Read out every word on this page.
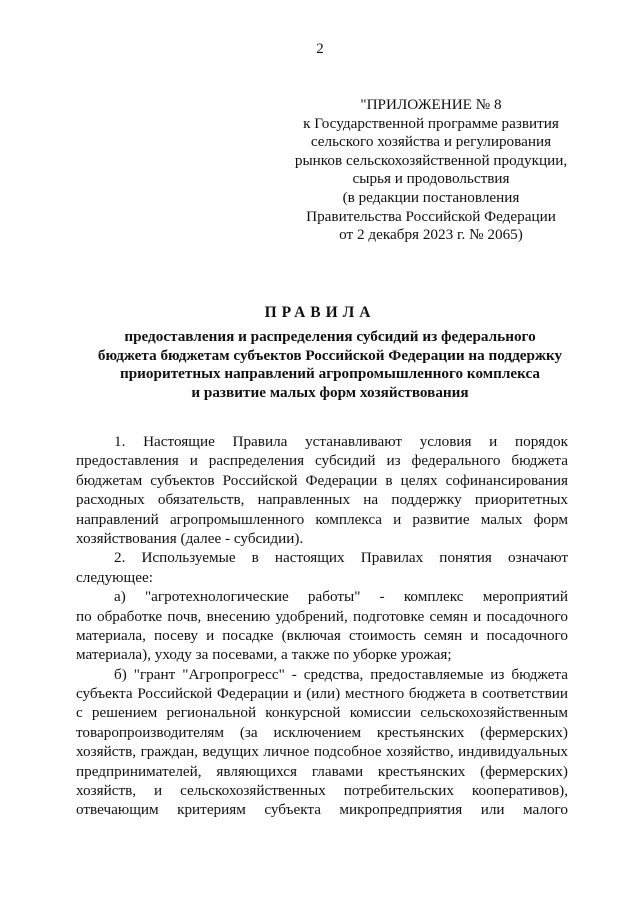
2
"ПРИЛОЖЕНИЕ № 8
к Государственной программе развития
сельского хозяйства и регулирования
рынков сельскохозяйственной продукции,
сырья и продовольствия
(в редакции постановления
Правительства Российской Федерации
от 2 декабря 2023 г. № 2065)
ПРАВИЛА
предоставления и распределения субсидий из федерального
бюджета бюджетам субъектов Российской Федерации на поддержку
приоритетных направлений агропромышленного комплекса
и развитие малых форм хозяйствования
1. Настоящие Правила устанавливают условия и порядок
предоставления и распределения субсидий из федерального бюджета
бюджетам субъектов Российской Федерации в целях софинансирования
расходных обязательств, направленных на поддержку приоритетных
направлений агропромышленного комплекса и развитие малых форм
хозяйствования (далее - субсидии).
2. Используемые в настоящих Правилах понятия означают
следующее:
а) "агротехнологические работы" - комплекс мероприятий
по обработке почв, внесению удобрений, подготовке семян и посадочного
материала, посеву и посадке (включая стоимость семян и посадочного
материала), уходу за посевами, а также по уборке урожая;
б) "грант "Агропрогресс" - средства, предоставляемые из бюджета
субъекта Российской Федерации и (или) местного бюджета в соответствии
с решением региональной конкурсной комиссии сельскохозяйственным
товаропроизводителям (за исключением крестьянских (фермерских)
хозяйств, граждан, ведущих личное подсобное хозяйство, индивидуальных
предпринимателей, являющихся главами крестьянских (фермерских)
хозяйств, и сельскохозяйственных потребительских кооперативов),
отвечающим критериям субъекта микропредприятия или малого
